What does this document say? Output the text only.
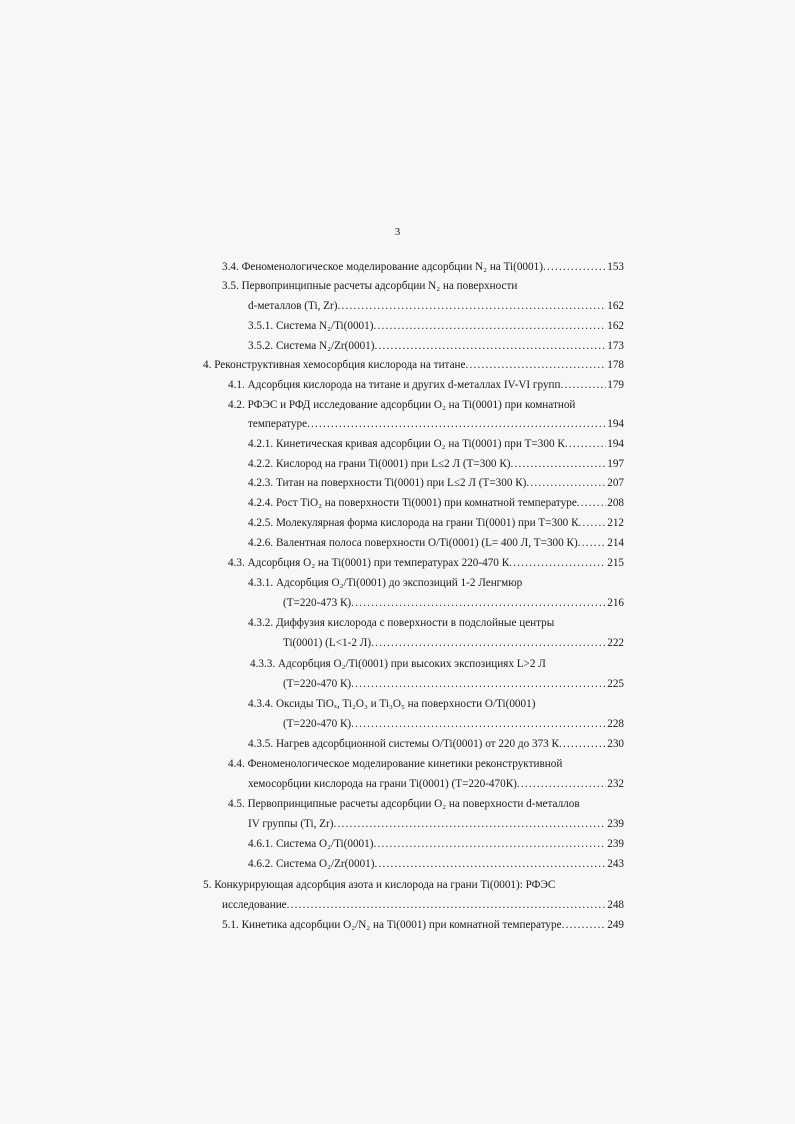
3
3.4. Феноменологическое моделирование адсорбции N₂ на Ti(0001) .....	153
3.5. Первопринципные расчеты адсорбции N₂ на поверхности
d-металлов (Ti, Zr) .....	162
3.5.1. Система N₂/Ti(0001) .....	162
3.5.2. Система N₂/Zr(0001) .....	173
4. Реконструктивная хемосорбция кислорода на титане .....	178
4.1. Адсорбция кислорода на титане и других d-металлах IV-VI групп .....	179
4.2. РФЭС и РФД исследование адсорбции O₂ на Ti(0001) при комнатной
температуре .....	194
4.2.1. Кинетическая кривая адсорбции O₂ на Ti(0001) при T=300 К .....	194
4.2.2. Кислород на грани Ti(0001) при L≤2 Л (T=300 К) .....	197
4.2.3. Титан на поверхности Ti(0001) при L≤2 Л (T=300 К) .....	207
4.2.4. Рост TiO₂ на поверхности Ti(0001) при комнатной температуре .....	208
4.2.5. Молекулярная форма кислорода на грани Ti(0001) при T=300 К .....	212
4.2.6. Валентная полоса поверхности O/Ti(0001) (L= 400 Л, T=300 К) .....	214
4.3. Адсорбция O₂ на Ti(0001) при температурах 220-470 К .....	215
4.3.1. Адсорбция O₂/Ti(0001) до экспозиций 1-2 Ленгмюр
(T=220-473 К) .....	216
4.3.2. Диффузия кислорода с поверхности в подслойные центры
Ti(0001) (L<1-2 Л) .....	222
4.3.3. Адсорбция O₂/Ti(0001) при высоких экспозициях L>2 Л
(T=220-470 К) .....	225
4.3.4. Оксиды TiOₓ, Ti₂O₃ и Ti₃O₅ на поверхности O/Ti(0001)
(T=220-470 К) .....	228
4.3.5. Нагрев адсорбционной системы O/Ti(0001) от 220 до 373 К .....	230
4.4. Феноменологическое моделирование кинетики реконструктивной
хемосорбции кислорода на грани Ti(0001) (T=220-470К) .....	232
4.5. Первопринципные расчеты адсорбции O₂ на поверхности d-металлов
IV группы (Ti, Zr) .....	239
4.6.1. Система O₂/Ti(0001) .....	239
4.6.2. Система O₂/Zr(0001) .....	243
5. Конкурирующая адсорбция азота и кислорода на грани Ti(0001): РФЭС
исследование .....	248
5.1. Кинетика адсорбции O₂/N₂ на Ti(0001) при комнатной температуре .....	249
